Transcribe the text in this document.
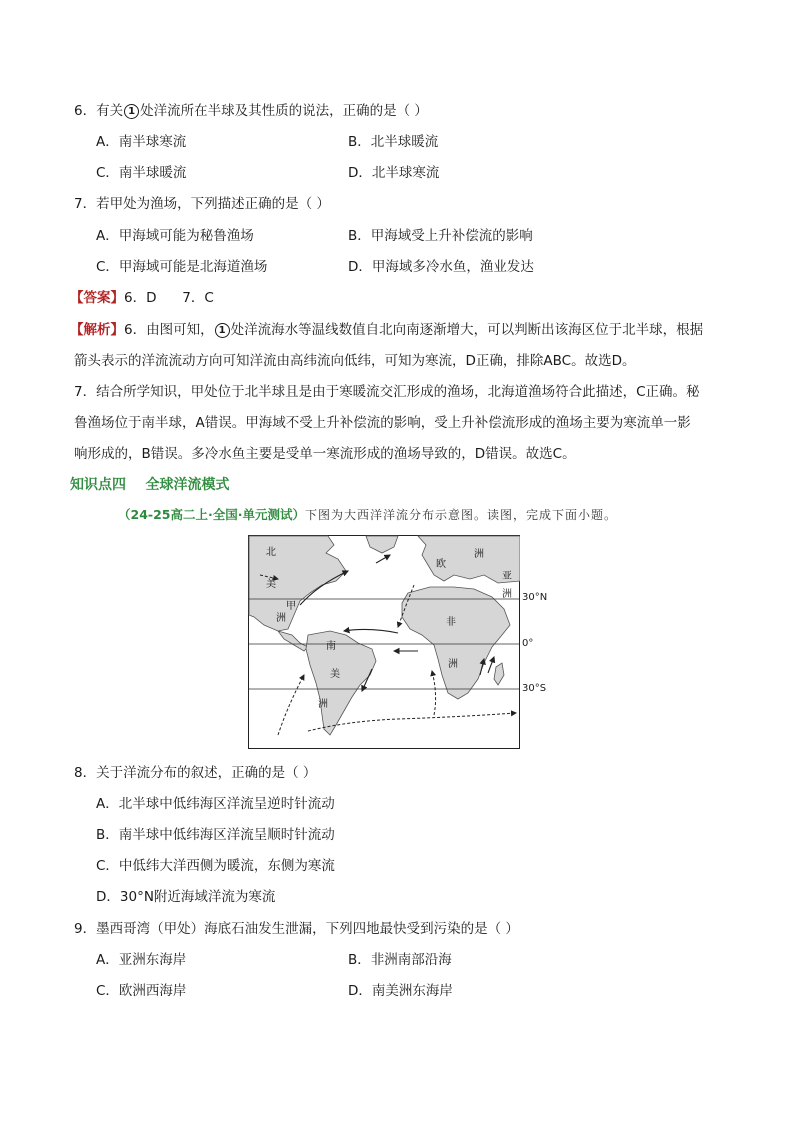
6．有关 1 处洋流所在半球及其性质的说法，正确的是（ ）
A．南半球寒流	B．北半球暖流
C．南半球暖流	D．北半球寒流
7．若甲处为渔场，下列描述正确的是（ ）
A．甲海域可能为秘鲁渔场	B．甲海域受上升补偿流的影响
C．甲海域可能是北海道渔场	D．甲海域多冷水鱼，渔业发达
【答案】6．D      7．C
【解析】6．由图可知， 1 处洋流海水等温线数值自北向南逐渐增大，可以判断出该海区位于北半球，根据
箭头表示的洋流流动方向可知洋流由高纬流向低纬，可知为寒流，D正确，排除ABC。故选D。
7．结合所学知识，甲处位于北半球且是由于寒暖流交汇形成的渔场，北海道渔场符合此描述，C正确。秘
鲁渔场位于南半球，A错误。甲海域不受上升补偿流的影响，受上升补偿流形成的渔场主要为寒流单一影
响形成的，B错误。多冷水鱼主要是受单一寒流形成的渔场导致的，D错误。故选C。
知识点四    全球洋流模式
（24-25高二上·全国·单元测试）下图为大西洋洋流分布示意图。读图，完成下面小题。
北
美
洲
甲
欧
洲
亚
洲
非
洲
南
美
洲
30°N
0°
30°S
8．关于洋流分布的叙述，正确的是（ ）
A．北半球中低纬海区洋流呈逆时针流动
B．南半球中低纬海区洋流呈顺时针流动
C．中低纬大洋西侧为暖流，东侧为寒流
D．30°N附近海域洋流为寒流
9．墨西哥湾（甲处）海底石油发生泄漏，下列四地最快受到污染的是（ ）
A．亚洲东海岸	B．非洲南部沿海
C．欧洲西海岸	D．南美洲东海岸
